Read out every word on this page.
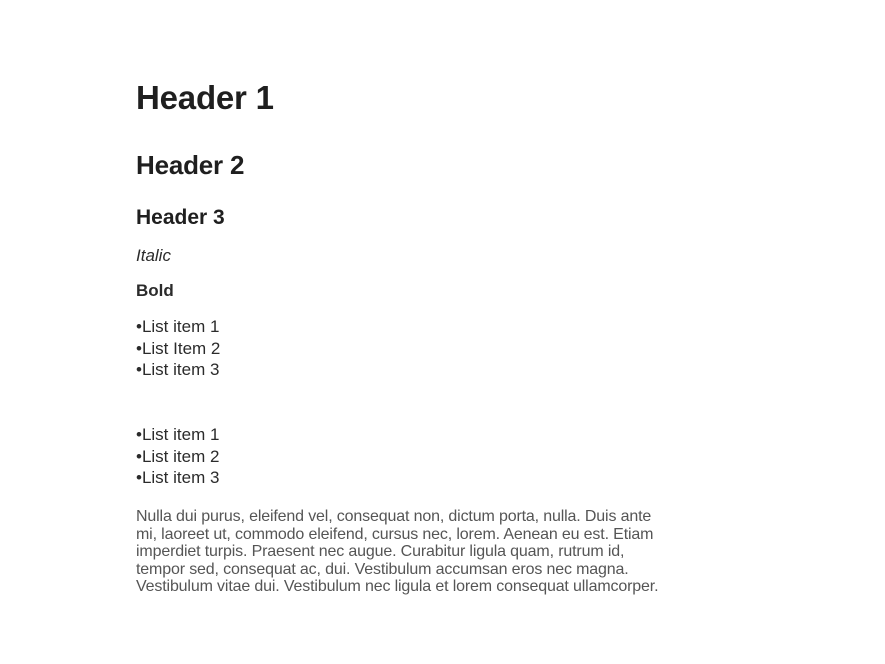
Header 1
Header 2
Header 3

Italic

Bold

•List item 1
•List Item 2
•List item 3
•List item 1
•List item 2
•List item 3

Nulla dui purus, eleifend vel, consequat non, dictum porta, nulla. Duis ante
mi, laoreet ut, commodo eleifend, cursus nec, lorem. Aenean eu est. Etiam
imperdiet turpis. Praesent nec augue. Curabitur ligula quam, rutrum id,
tempor sed, consequat ac, dui. Vestibulum accumsan eros nec magna.
Vestibulum vitae dui. Vestibulum nec ligula et lorem consequat ullamcorper.
